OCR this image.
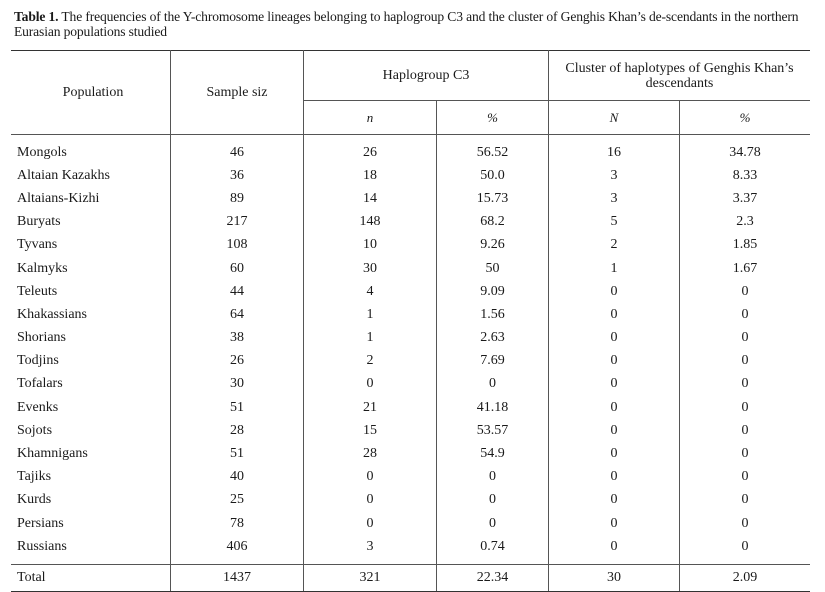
Table 1. The frequencies of the Y-chromosome lineages belonging to haplogroup C3 and the cluster of Genghis Khan’s de-scendants in the northern Eurasian populations studied
Population	Sample siz	Haplogroup C3		Cluster of haplotypes of Genghis Khan’s descendants	
		n	%	N	%
Mongols	46	26	56.52	16	34.78
Altaian Kazakhs	36	18	50.0	3	8.33
Altaians-Kizhi	89	14	15.73	3	3.37
Buryats	217	148	68.2	5	2.3
Tyvans	108	10	9.26	2	1.85
Kalmyks	60	30	50	1	1.67
Teleuts	44	4	9.09	0	0
Khakassians	64	1	1.56	0	0
Shorians	38	1	2.63	0	0
Todjins	26	2	7.69	0	0
Tofalars	30	0	0	0	0
Evenks	51	21	41.18	0	0
Sojots	28	15	53.57	0	0
Khamnigans	51	28	54.9	0	0
Tajiks	40	0	0	0	0
Kurds	25	0	0	0	0
Persians	78	0	0	0	0
Russians	406	3	0.74	0	0
Total	1437	321	22.34	30	2.09
